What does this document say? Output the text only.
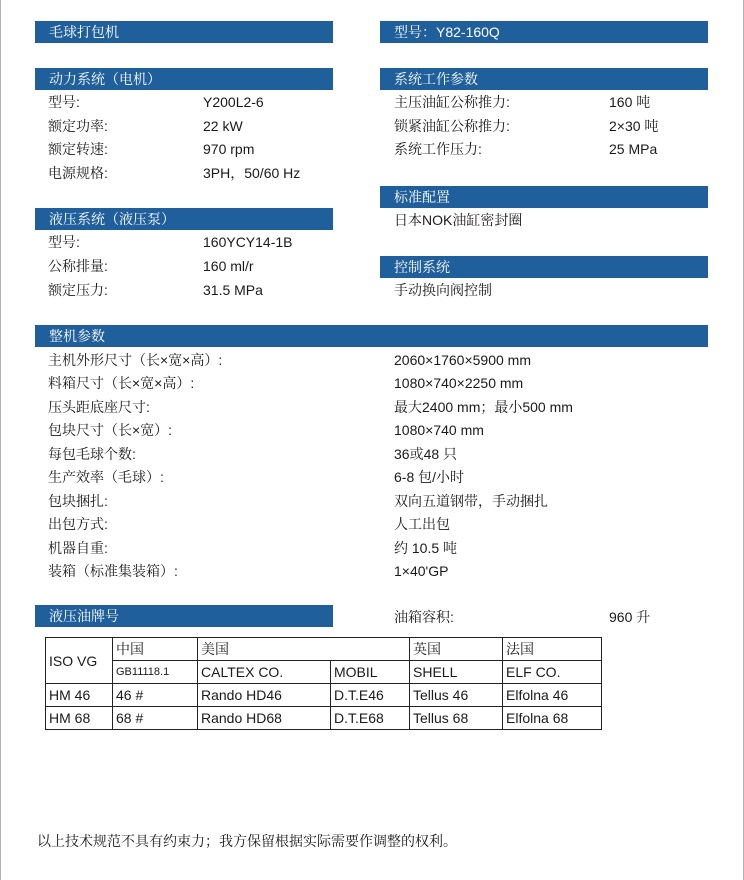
毛球打包机	型号：Y82-160Q
动力系统（电机）
型号:	Y200L2-6
额定功率:	22 kW
额定转速:	970 rpm
电源规格:	3PH，50/60 Hz
液压系统（液压泵）
型号:	160YCY14-1B
公称排量:	160 ml/r
额定压力:	31.5 MPa
系统工作参数
主压油缸公称推力:	160 吨
锁紧油缸公称推力:	2×30 吨
系统工作压力:	25 MPa
标准配置
日本NOK油缸密封圈
控制系统
手动换向阀控制
整机参数
主机外形尺寸（长×宽×高）:	2060×1760×5900 mm
料箱尺寸（长×宽×高）:	1080×740×2250 mm
压头距底座尺寸:	最大2400 mm；最小500 mm
包块尺寸（长×宽）:	1080×740 mm
每包毛球个数:	36或48 只
生产效率（毛球）:	6-8 包/小时
包块捆扎:	双向五道钢带，手动捆扎
出包方式:	人工出包
机器自重:	约 10.5 吨
装箱（标准集装箱）:	1×40'GP
液压油牌号	油箱容积:	960 升
ISO VG	中国	美国		英国	法国
	GB11118.1	CALTEX CO.	MOBIL	SHELL	ELF CO.
HM 46	46 #	Rando HD46	D.T.E46	Tellus 46	Elfolna 46
HM 68	68 #	Rando HD68	D.T.E68	Tellus 68	Elfolna 68
以上技术规范不具有约束力；我方保留根据实际需要作调整的权利。
